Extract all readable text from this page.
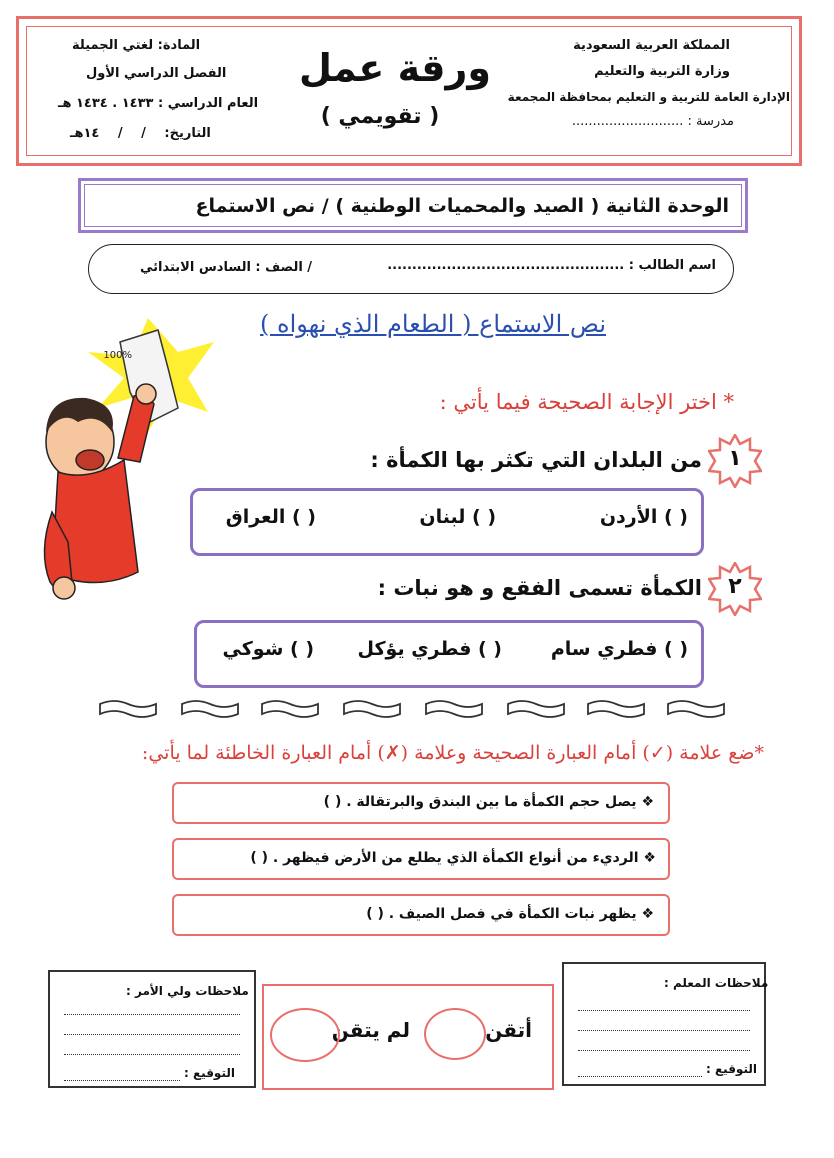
المملكة العربية السعودية
وزارة التربية والتعليم
الإدارة العامة للتربية و التعليم بمحافظة المجمعة
مدرسة : ...........................
ورقة عمل
( تقويمي )
المادة: لغتي الجميلة
الفصل الدراسي الأول
العام الدراسي : ١٤٣٣ . ١٤٣٤ هـ
التاريخ: / / ١٤هـ
الوحدة الثانية ( الصيد والمحميات الوطنية ) / نص الاستماع
اسم الطالب : ................................................
/ الصف : السادس الابتدائي
نص الاستماع ( الطعام الذي نهواه )
100%
* اختر الإجابة الصحيحة فيما يأتي :
١
من البلدان التي تكثر بها الكمأة :
( ) الأردن
( ) لبنان
( ) العراق
٢
الكمأة تسمى الفقع و هو نبات :
( ) فطري سام
( ) فطري يؤكل
( ) شوكي
*ضع علامة (✓) أمام العبارة الصحيحة وعلامة (✗) أمام العبارة الخاطئة لما يأتي:
❖ يصل حجم الكمأة ما بين البندق والبرتقالة . ( )
❖ الرديء من أنواع الكمأة الذي يطلع من الأرض فيظهر . ( )
❖ يظهر نبات الكمأة في فصل الصيف . ( )
ملاحظات ولي الأمر :
التوقيع :
أتقن
لم يتقن
ملاحظات المعلم :
التوقيع :
